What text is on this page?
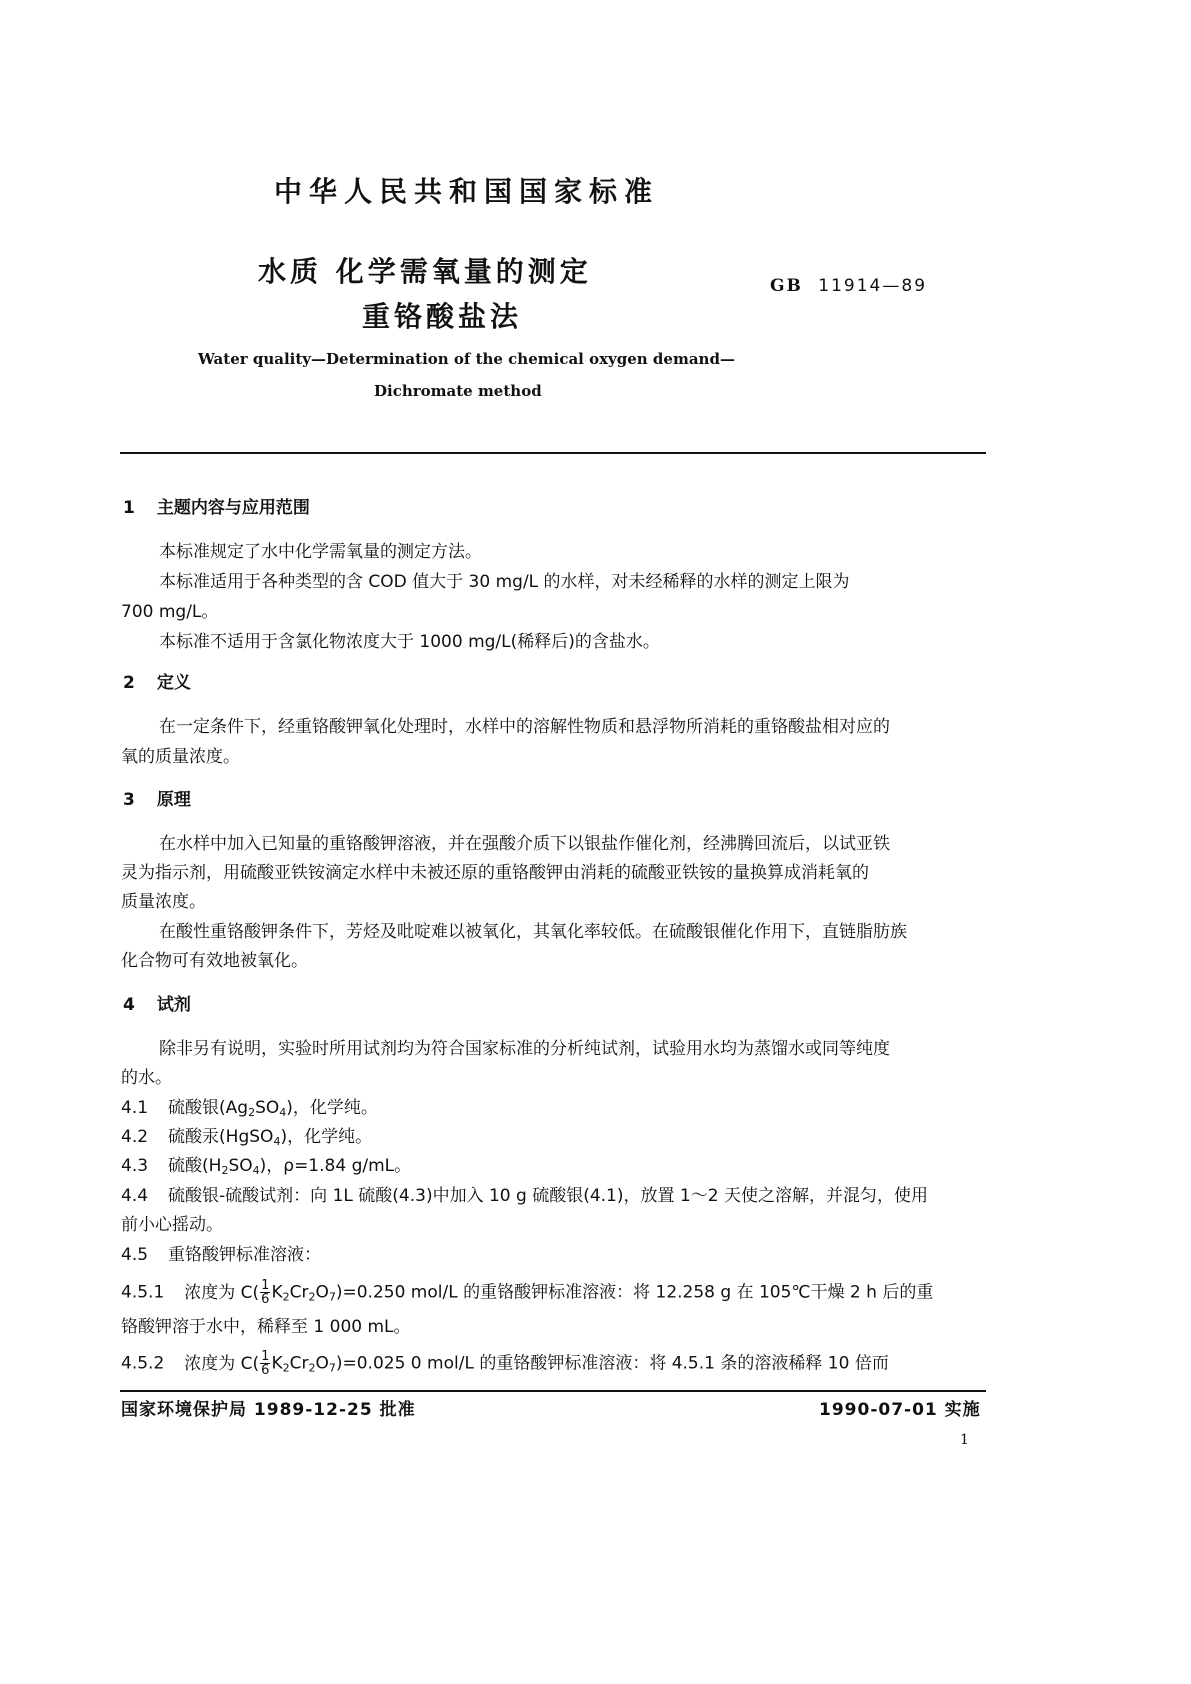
中华人民共和国国家标准
水质 化学需氧量的测定
重铬酸盐法
GB 11914—89
Water quality—Determination of the chemical oxygen demand—
Dichromate method
1 主题内容与应用范围
本标准规定了水中化学需氧量的测定方法。
本标准适用于各种类型的含 COD 值大于 30 mg/L 的水样，对未经稀释的水样的测定上限为
700 mg/L。
本标准不适用于含氯化物浓度大于 1000 mg/L(稀释后)的含盐水。
2 定义
在一定条件下，经重铬酸钾氧化处理时，水样中的溶解性物质和悬浮物所消耗的重铬酸盐相对应的
氧的质量浓度。
3 原理
在水样中加入已知量的重铬酸钾溶液，并在强酸介质下以银盐作催化剂，经沸腾回流后，以试亚铁
灵为指示剂，用硫酸亚铁铵滴定水样中未被还原的重铬酸钾由消耗的硫酸亚铁铵的量换算成消耗氧的
质量浓度。
在酸性重铬酸钾条件下，芳烃及吡啶难以被氧化，其氧化率较低。在硫酸银催化作用下，直链脂肪族
化合物可有效地被氧化。
4 试剂
除非另有说明，实验时所用试剂均为符合国家标准的分析纯试剂，试验用水均为蒸馏水或同等纯度
的水。
4.1 硫酸银$(Ag_2SO_4)$，化学纯。
4.2 硫酸汞(HgSO$_4$)，化学纯。
4.3 硫酸$(H_2SO_4)$，ρ=1.84 g/mL。
4.4 硫酸银-硫酸试剂：向 1L 硫酸(4.3)中加入 10 g 硫酸银(4.1)，放置 1～2 天使之溶解，并混匀，使用
前小心摇动。
4.5 重铬酸钾标准溶液：
4.5.1 浓度为 $C( \frac{1}{6} K_2Cr_2O_7)=0.250$ mol/L 的重铬酸钾标准溶液：将 12.258 g 在 105℃干燥 2 h 后的重
铬酸钾溶于水中，稀释至 1 000 mL。
4.5.2 浓度为 $C( \frac{1}{6} K_2Cr_2O_7)=0.025$ 0 mol/L 的重铬酸钾标准溶液：将 4.5.1 条的溶液稀释 10 倍而
国家环境保护局 1989-12-25 批准	1990-07-01 实施
1
